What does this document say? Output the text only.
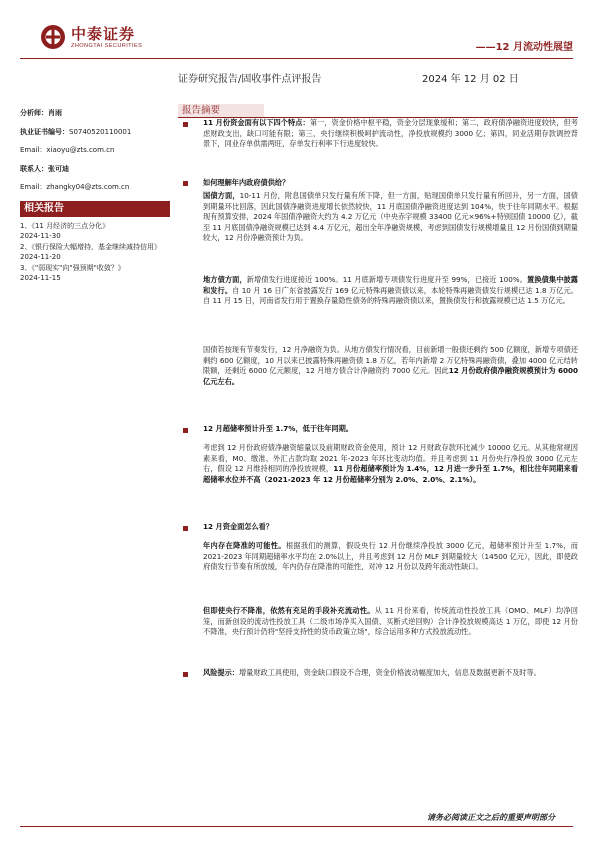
中泰证券
ZHONGTAI SECURITIES	——12 月流动性展望
证券研究报告/固收事件点评报告	2024 年 12 月 02 日
分析师：肖雨
执业证书编号：S0740520110001
Email：xiaoyu@zts.com.cn
联系人：张可迪
Email：zhangky04@zts.com.cn
相关报告
1、《11 月经济的三点分化》
2024-11-30
2、《银行保险大幅增持，基金继续减持信用》
2024-11-20
3、《"弱现实"向"强预期"收敛？》
2024-11-15
报告摘要
11 月份资金面有以下四个特点：第一，资金价格中枢平稳，资金分层现象缓和；第二，政府债净融资进度较快，但考虑财政支出，缺口可能有限；第三，央行继续积极呵护流动性，净投放规模约 3000 亿；第四，同业活期存款调控背景下，同业存单供需两旺，存单发行利率下行进度较快。
如何理解年内政府债供给？
国债方面，10-11 月份，附息国债单只发行量有所下降，但一方面，贴现国债单只发行量有所回升，另一方面，国债到期量环比回落，因此国债净融资进度增长依然较快，11 月底国债净融资进度达到 104%，快于往年同期水平。根据现有预算安排，2024 年国债净融资大约为 4.2 万亿元（中央赤字规模 33400 亿元×96%+特别国债 10000 亿），截至 11 月底国债净融资规模已达到 4.4 万亿元，超出全年净融资规模，考虑到国债发行规模增量且 12 月份国债到期量较大，12 月份净融资预计为负。
地方债方面，新增债发行进度接近 100%。11 月底新增专项债发行进度升至 99%，已接近 100%。置换债集中披露和发行。自 10 月 16 日广东省披露发行 169 亿元特殊再融资债以来，本轮特殊再融资债发行规模已达 1.8 万亿元。自 11 月 15 日，河南省发行用于置换存量隐性债务的特殊再融资债以来，置换债发行和披露规模已达 1.5 万亿元。
国债若按现有节奏发行，12 月净融资为负。从地方债发行情况看，目前新增一般债还剩约 500 亿额度，新增专项债还剩约 600 亿额度，10 月以来已披露特殊再融资债 1.8 万亿，若年内新增 2 万亿特殊再融资债，叠加 4000 亿元结转限额，还剩近 6000 亿元额度，12 月地方债合计净融资约 7000 亿元。因此12 月份政府债净融资规模预计为 6000 亿元左右。
12 月超储率预计升至 1.7%，低于往年同期。
考虑到 12 月份政府债净融资缩量以及前期财政资金使用，预计 12 月财政存款环比减少 10000 亿元。从其他常规因素来看，M0、缴准、外汇占款均取 2021 年-2023 年环比变动均值。并且考虑到 11 月份央行净投放 3000 亿元左右，假设 12 月维持相同的净投放规模，11 月份超储率预计为 1.4%，12 月进一步升至 1.7%，相比往年同期来看超储率水位并不高（2021-2023 年 12 月份超储率分别为 2.0%、2.0%、2.1%）。
12 月资金面怎么看？
年内存在降准的可能性。根据我们的测算，假设央行 12 月份继续净投放 3000 亿元，超储率预计升至 1.7%，而 2021-2023 年同期超储率水平均在 2.0%以上，并且考虑到 12 月份 MLF 到期量较大（14500 亿元），因此，即使政府债发行节奏有所放缓，年内仍存在降准的可能性，对冲 12 月份以及跨年流动性缺口。
但即使央行不降准，依然有充足的手段补充流动性。从 11 月份来看，传统流动性投放工具（OMO、MLF）均净回笼，而新创设的流动性投放工具（二级市场净买入国债、买断式逆回购）合计净投放规模高达 1 万亿，即使 12 月份不降准，央行预计仍将"坚持支持性的货币政策立场"，综合运用多种方式投放流动性。
风险提示：增量财政工具使用，资金缺口假设不合理，资金价格波动幅度加大，信息及数据更新不及时等。
请务必阅读正文之后的重要声明部分
